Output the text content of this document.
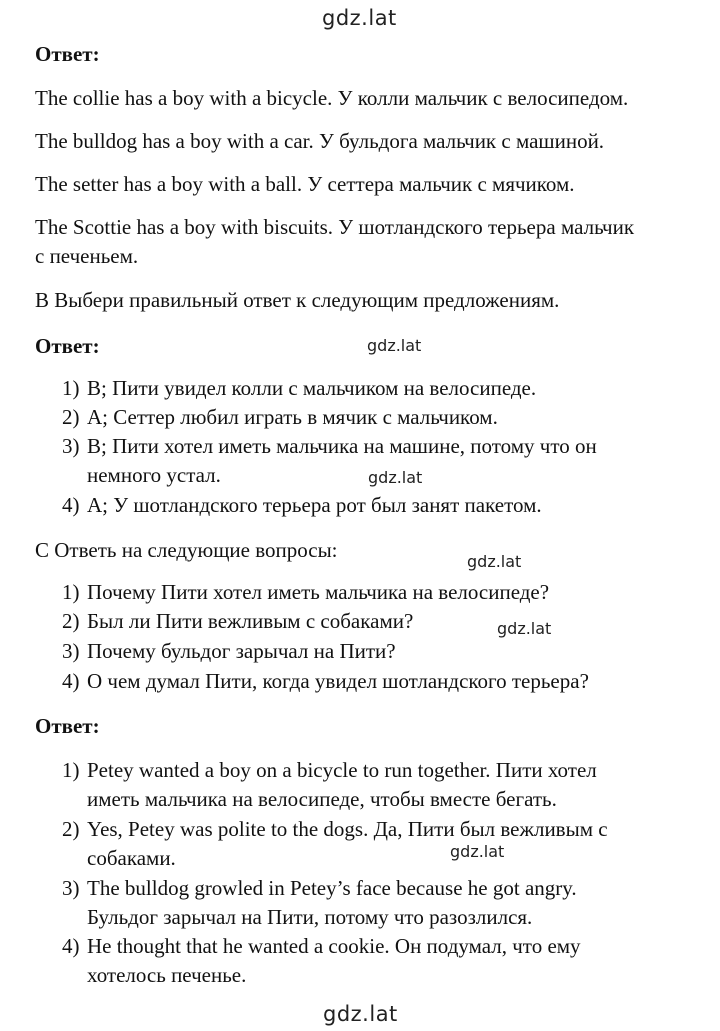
gdz.lat
gdz.lat
gdz.lat
gdz.lat
gdz.lat
gdz.lat
gdz.lat
Ответ:
The collie has a boy with a bicycle. У колли мальчик с велосипедом.
The bulldog has a boy with a car. У бульдога мальчик с машиной.
The setter has a boy with a ball. У сеттера мальчик с мячиком.
The Scottie has a boy with biscuits. У шотландского терьера мальчик
с печеньем.
В Выбери правильный ответ к следующим предложениям.
Ответ:
1) B; Пити увидел колли с мальчиком на велосипеде.
2) A; Сеттер любил играть в мячик с мальчиком.
3) B; Пити хотел иметь мальчика на машине, потому что он
немного устал.
4) A; У шотландского терьера рот был занят пакетом.
С Ответь на следующие вопросы:
1) Почему Пити хотел иметь мальчика на велосипеде?
2) Был ли Пити вежливым с собаками?
3) Почему бульдог зарычал на Пити?
4) О чем думал Пити, когда увидел шотландского терьера?
Ответ:
1) Petey wanted a boy on a bicycle to run together. Пити хотел
иметь мальчика на велосипеде, чтобы вместе бегать.
2) Yes, Petey was polite to the dogs. Да, Пити был вежливым с
собаками.
3) The bulldog growled in Petey’s face because he got angry.
Бульдог зарычал на Пити, потому что разозлился.
4) He thought that he wanted a cookie. Он подумал, что ему
хотелось печенье.
